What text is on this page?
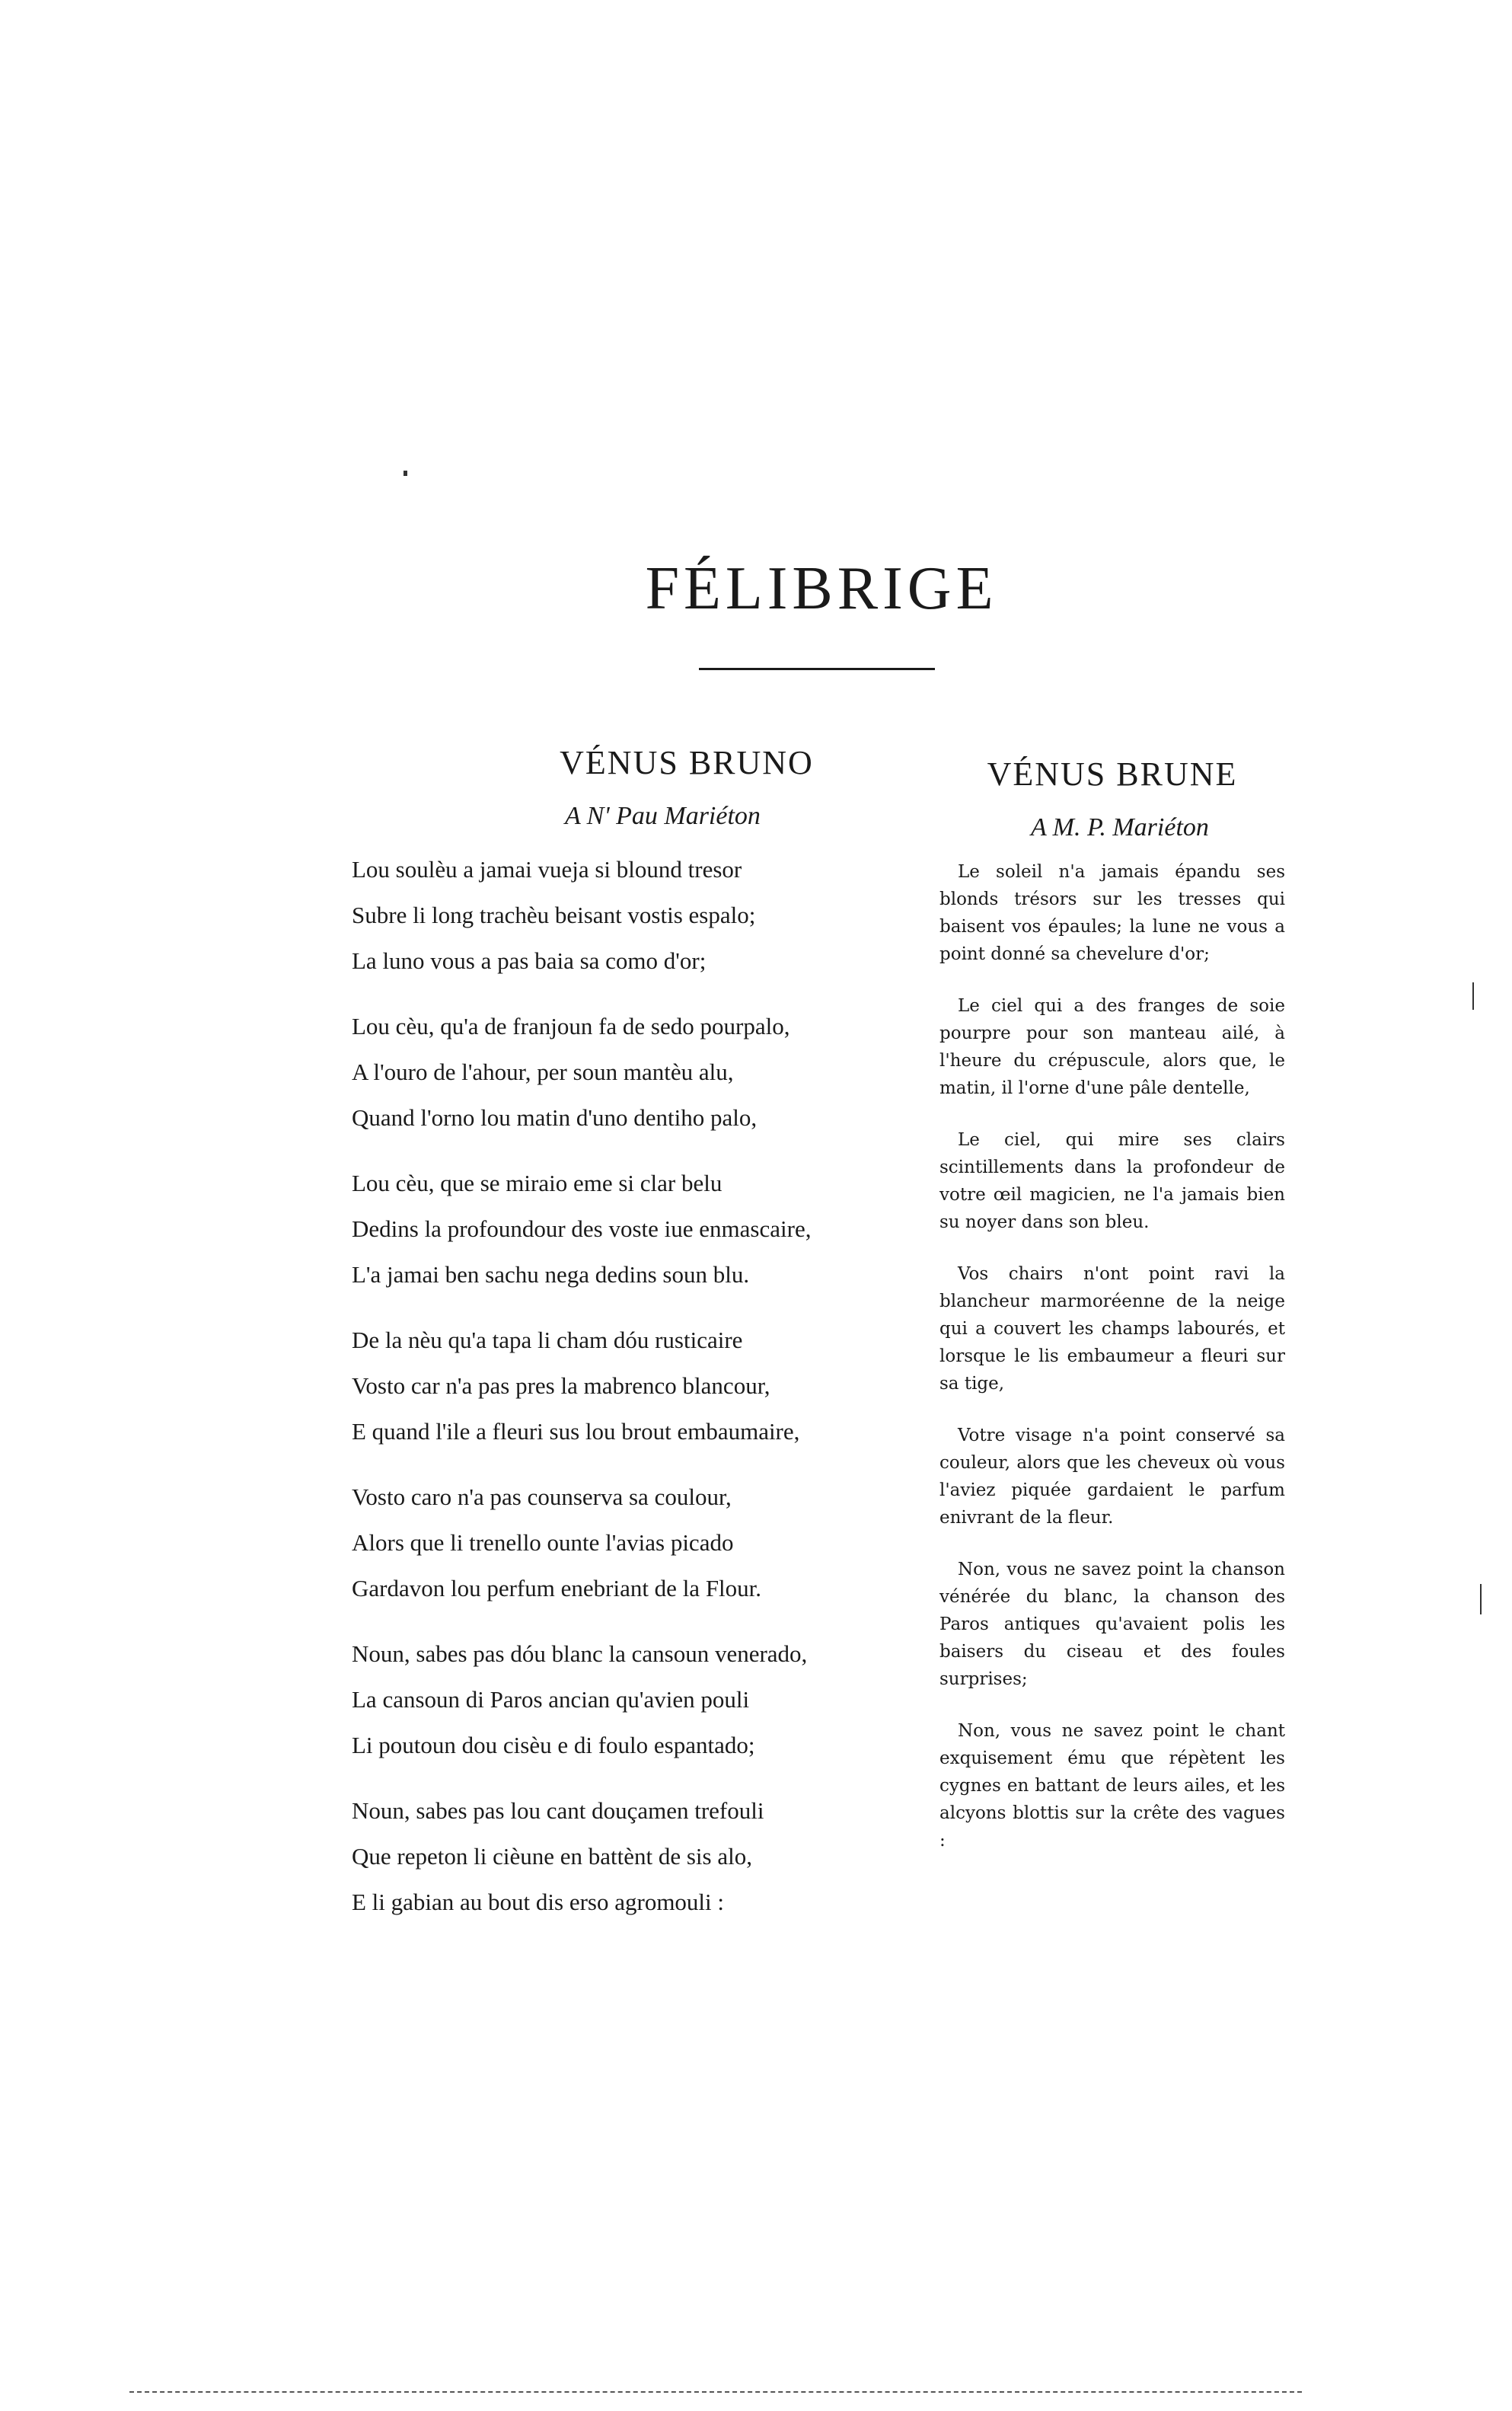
FÉLIBRIGE
VÉNUS BRUNO
A N' Pau Mariéton
Lou soulèu a jamai vueja si blound tresor
Subre li long trachèu beisant vostis espalo;
La luno vous a pas baia sa como d'or;
Lou cèu, qu'a de franjoun fa de sedo pourpalo,
A l'ouro de l'ahour, per soun mantèu alu,
Quand l'orno lou matin d'uno dentiho palo,
Lou cèu, que se miraio eme si clar belu
Dedins la profoundour des voste iue enmascaire,
L'a jamai ben sachu nega dedins soun blu.
De la nèu qu'a tapa li cham dóu rusticaire
Vosto car n'a pas pres la mabrenco blancour,
E quand l'ile a fleuri sus lou brout embaumaire,
Vosto caro n'a pas counserva sa coulour,
Alors que li trenello ounte l'avias picado
Gardavon lou perfum enebriant de la Flour.
Noun, sabes pas dóu blanc la cansoun venerado,
La cansoun di Paros ancian qu'avien pouli
Li poutoun dou cisèu e di foulo espantado;
Noun, sabes pas lou cant douçamen trefouli
Que repeton li cièune en battènt de sis alo,
E li gabian au bout dis erso agromouli :
VÉNUS BRUNE
A M. P. Mariéton
Le soleil n'a jamais épandu ses blonds trésors sur les tresses qui baisent vos épaules; la lune ne vous a point donné sa chevelure d'or;
Le ciel qui a des franges de soie pourpre pour son manteau ailé, à l'heure du crépuscule, alors que, le matin, il l'orne d'une pâle dentelle,
Le ciel, qui mire ses clairs scintillements dans la profondeur de votre œil magicien, ne l'a jamais bien su noyer dans son bleu.
Vos chairs n'ont point ravi la blancheur marmoréenne de la neige qui a couvert les champs labourés, et lorsque le lis embaumeur a fleuri sur sa tige,
Votre visage n'a point conservé sa couleur, alors que les cheveux où vous l'aviez piquée gardaient le parfum enivrant de la fleur.
Non, vous ne savez point la chanson vénérée du blanc, la chanson des Paros antiques qu'avaient polis les baisers du ciseau et des foules surprises;
Non, vous ne savez point le chant exquisement ému que répètent les cygnes en battant de leurs ailes, et les alcyons blottis sur la crête des vagues :
